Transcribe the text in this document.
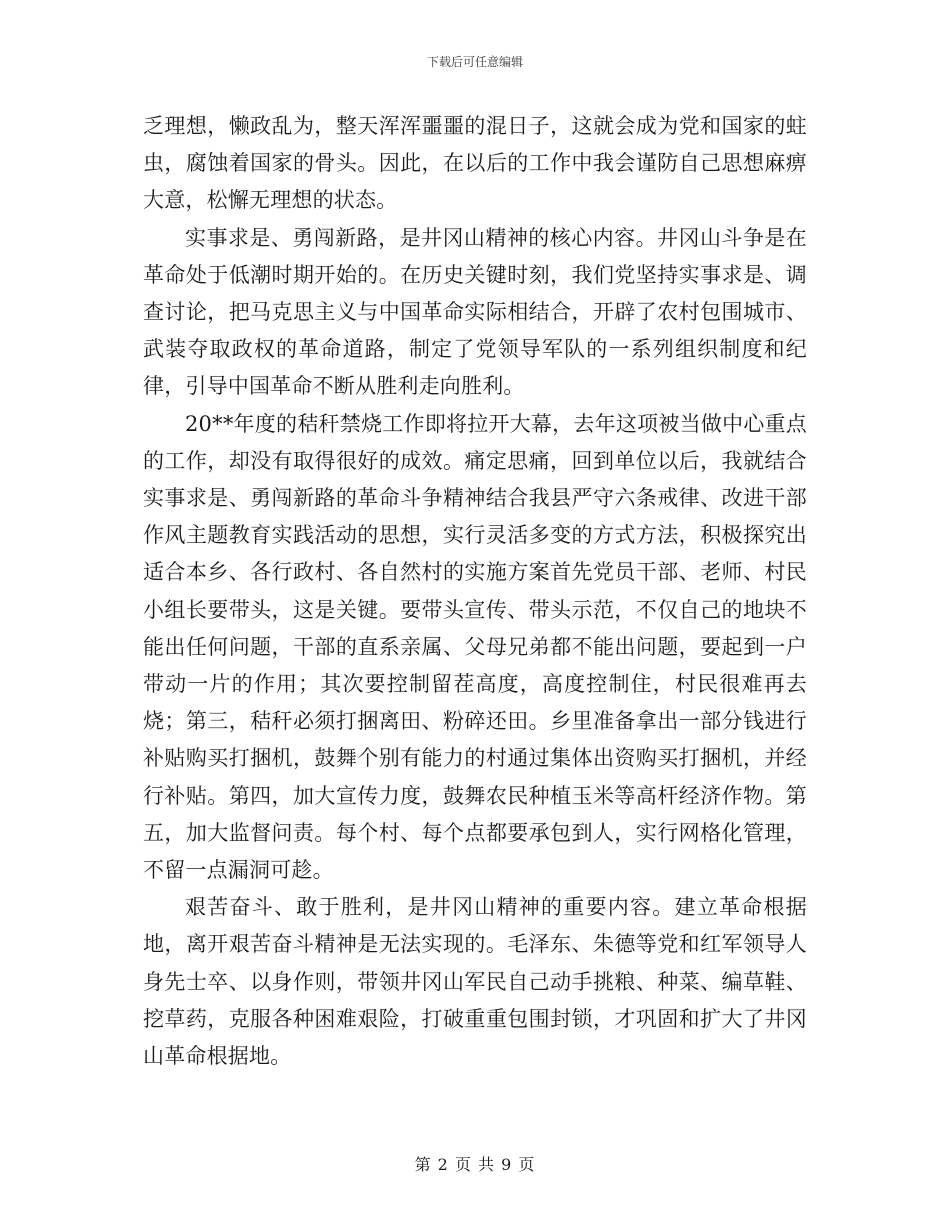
下载后可任意编辑

乏理想，懒政乱为，整天浑浑噩噩的混日子，这就会成为党和国家的蛀虫，腐蚀着国家的骨头。因此，在以后的工作中我会谨防自己思想麻痹大意，松懈无理想的状态。

实事求是、勇闯新路，是井冈山精神的核心内容。井冈山斗争是在革命处于低潮时期开始的。在历史关键时刻，我们党坚持实事求是、调查讨论，把马克思主义与中国革命实际相结合，开辟了农村包围城市、武装夺取政权的革命道路，制定了党领导军队的一系列组织制度和纪律，引导中国革命不断从胜利走向胜利。

20**年度的秸秆禁烧工作即将拉开大幕，去年这项被当做中心重点的工作，却没有取得很好的成效。痛定思痛，回到单位以后，我就结合实事求是、勇闯新路的革命斗争精神结合我县严守六条戒律、改进干部作风主题教育实践活动的思想，实行灵活多变的方式方法，积极探究出适合本乡、各行政村、各自然村的实施方案首先党员干部、老师、村民小组长要带头，这是关键。要带头宣传、带头示范，不仅自己的地块不能出任何问题，干部的直系亲属、父母兄弟都不能出问题，要起到一户带动一片的作用；其次要控制留茬高度，高度控制住，村民很难再去烧；第三，秸秆必须打捆离田、粉碎还田。乡里准备拿出一部分钱进行补贴购买打捆机，鼓舞个别有能力的村通过集体出资购买打捆机，并经行补贴。第四，加大宣传力度，鼓舞农民种植玉米等高杆经济作物。第五，加大监督问责。每个村、每个点都要承包到人，实行网格化管理，不留一点漏洞可趁。

艰苦奋斗、敢于胜利，是井冈山精神的重要内容。建立革命根据地，离开艰苦奋斗精神是无法实现的。毛泽东、朱德等党和红军领导人身先士卒、以身作则，带领井冈山军民自己动手挑粮、种菜、编草鞋、挖草药，克服各种困难艰险，打破重重包围封锁，才巩固和扩大了井冈山革命根据地。

第 2 页 共 9 页
